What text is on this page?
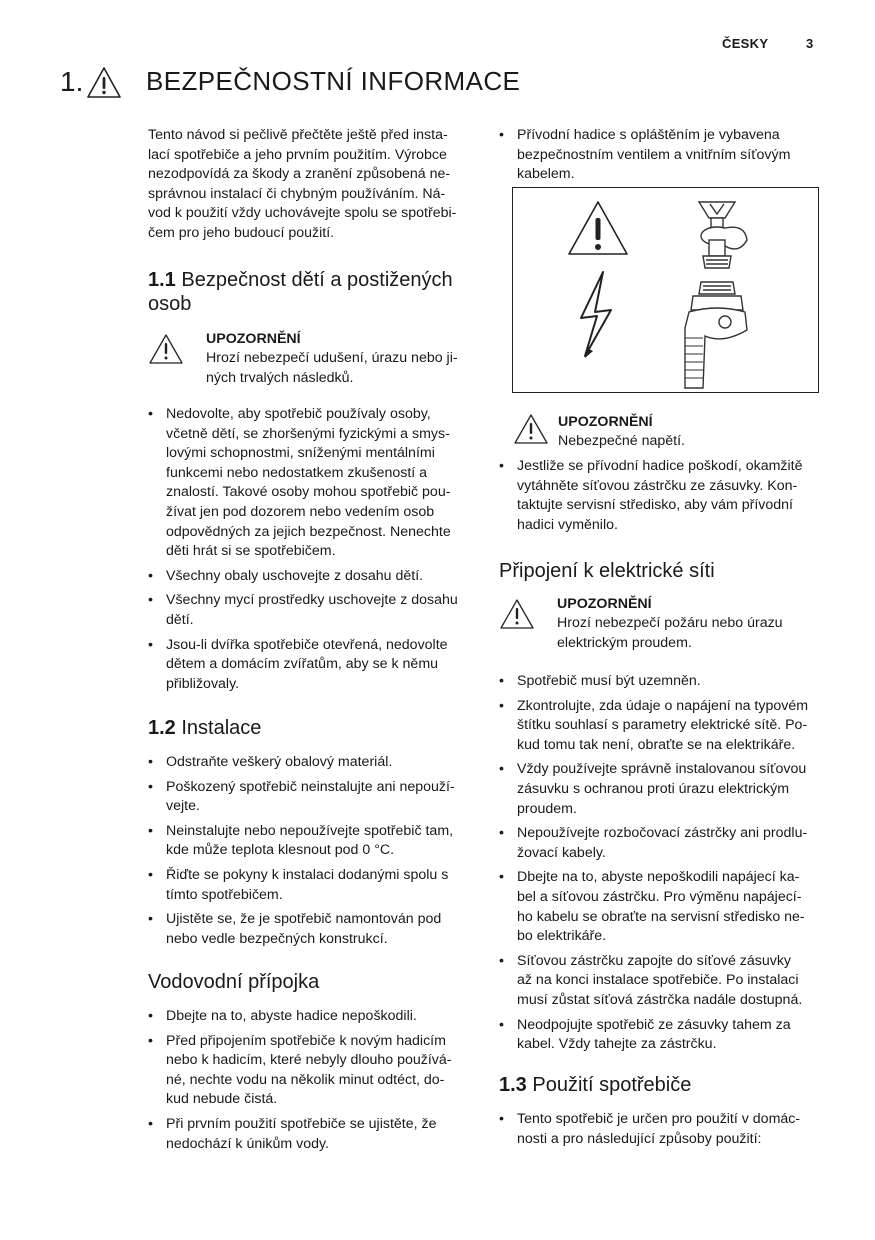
ČESKY	3
1. BEZPEČNOSTNÍ INFORMACE

Tento návod si pečlivě přečtěte ještě před insta-

lací spotřebiče a jeho prvním použitím. Výrobce

nezodpovídá za škody a zranění způsobená ne-

správnou instalací či chybným používáním. Ná-

vod k použití vždy uchovávejte spolu se spotřebi-

čem pro jeho budoucí použití.

1.1 Bezpečnost dětí a postižených

osob

UPOZORNĚNÍ
Hrozí nebezpečí udušení, úrazu nebo ji-
ných trvalých následků.
• Nedovolte, aby spotřebič používaly osoby,
včetně dětí, se zhoršenými fyzickými a smys-
lovými schopnostmi, sníženými mentálními
funkcemi nebo nedostatkem zkušeností a
znalostí. Takové osoby mohou spotřebič pou-
žívat jen pod dozorem nebo vedením osob
odpovědných za jejich bezpečnost. Nenechte
děti hrát si se spotřebičem.
• Všechny obaly uschovejte z dosahu dětí.
• Všechny mycí prostředky uschovejte z dosahu
dětí.
• Jsou-li dvířka spotřebiče otevřená, nedovolte
dětem a domácím zvířatům, aby se k němu
přibližovaly.

1.2 Instalace

• Odstraňte veškerý obalový materiál.
• Poškozený spotřebič neinstalujte ani nepouží-
vejte.
• Neinstalujte nebo nepoužívejte spotřebič tam,
kde může teplota klesnout pod 0 °C.
• Řiďte se pokyny k instalaci dodanými spolu s
tímto spotřebičem.
• Ujistěte se, že je spotřebič namontován pod
nebo vedle bezpečných konstrukcí.

Vodovodní přípojka

• Dbejte na to, abyste hadice nepoškodili.
• Před připojením spotřebiče k novým hadicím
nebo k hadicím, které nebyly dlouho používá-
né, nechte vodu na několik minut odtéct, do-
kud nebude čistá.
• Při prvním použití spotřebiče se ujistěte, že
nedochází k únikům vody.
• Přívodní hadice s opláštěním je vybavena
bezpečnostním ventilem a vnitřním síťovým
kabelem.
UPOZORNĚNÍ
Nebezpečné napětí.
• Jestliže se přívodní hadice poškodí, okamžitě
vytáhněte síťovou zástrčku ze zásuvky. Kon-
taktujte servisní středisko, aby vám přívodní
hadici vyměnilo.

Připojení k elektrické síti

UPOZORNĚNÍ
Hrozí nebezpečí požáru nebo úrazu
elektrickým proudem.
• Spotřebič musí být uzemněn.
• Zkontrolujte, zda údaje o napájení na typovém
štítku souhlasí s parametry elektrické sítě. Po-
kud tomu tak není, obraťte se na elektrikáře.
• Vždy používejte správně instalovanou síťovou
zásuvku s ochranou proti úrazu elektrickým
proudem.
• Nepoužívejte rozbočovací zástrčky ani prodlu-
žovací kabely.
• Dbejte na to, abyste nepoškodili napájecí ka-
bel a síťovou zástrčku. Pro výměnu napájecí-
ho kabelu se obraťte na servisní středisko ne-
bo elektrikáře.
• Síťovou zástrčku zapojte do síťové zásuvky
až na konci instalace spotřebiče. Po instalaci
musí zůstat síťová zástrčka nadále dostupná.
• Neodpojujte spotřebič ze zásuvky tahem za
kabel. Vždy tahejte za zástrčku.

1.3 Použití spotřebiče

• Tento spotřebič je určen pro použití v domác-
nosti a pro následující způsoby použití:
